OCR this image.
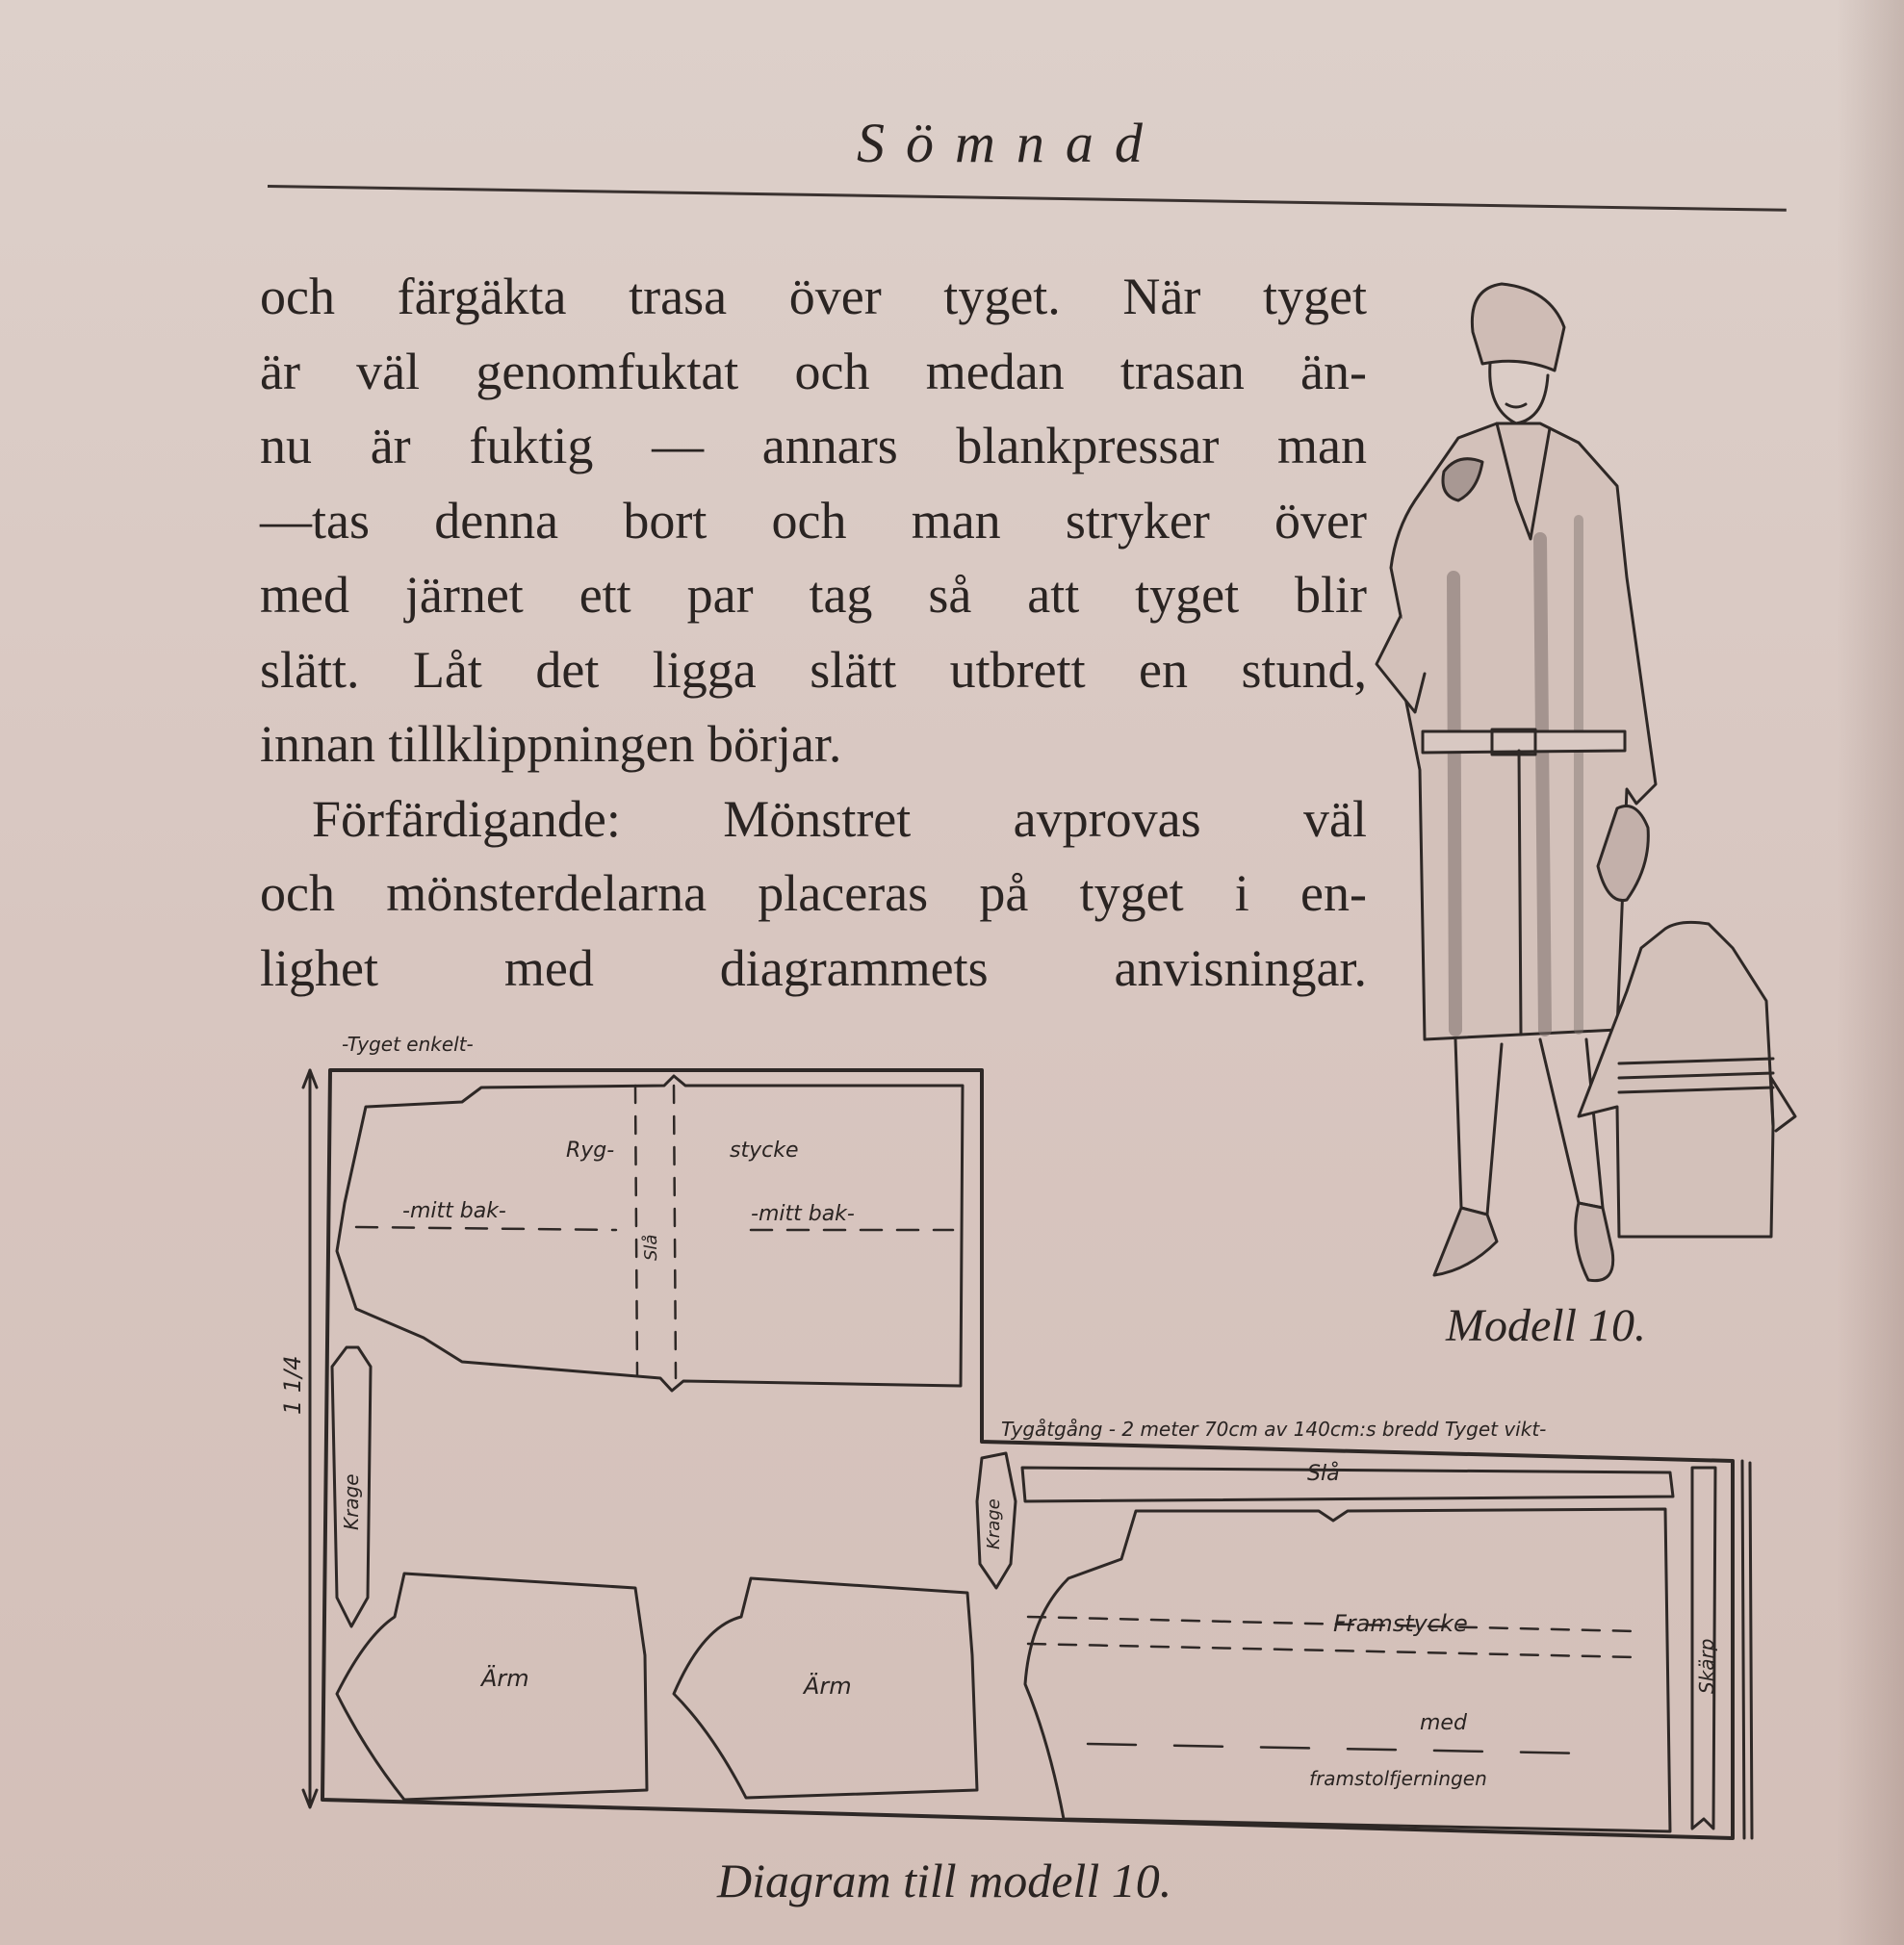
Sömnad
och färgäkta trasa över tyget. När tyget
är väl genomfuktat och medan trasan än-
nu är fuktig — annars blankpressar man
—tas denna bort och man stryker över
med järnet ett par tag så att tyget blir
slätt. Låt det ligga slätt utbrett en stund,
innan tillklippningen börjar.
Förfärdigande: Mönstret avprovas väl
och mönsterdelarna placeras på tyget i en-
lighet med diagrammets anvisningar.
-Tyget enkelt-
Tygåtgång - 2 meter 70cm av 140cm:s bredd Tyget vikt-
Ryg-	stycke
-mitt bak-	-mitt bak-
Slå
Krage	Krage
Ärm	Ärm
Slå
Framstycke
med
framstolfjerningen
Skärp
1 1/4
Modell 10.
Diagram till modell 10.
